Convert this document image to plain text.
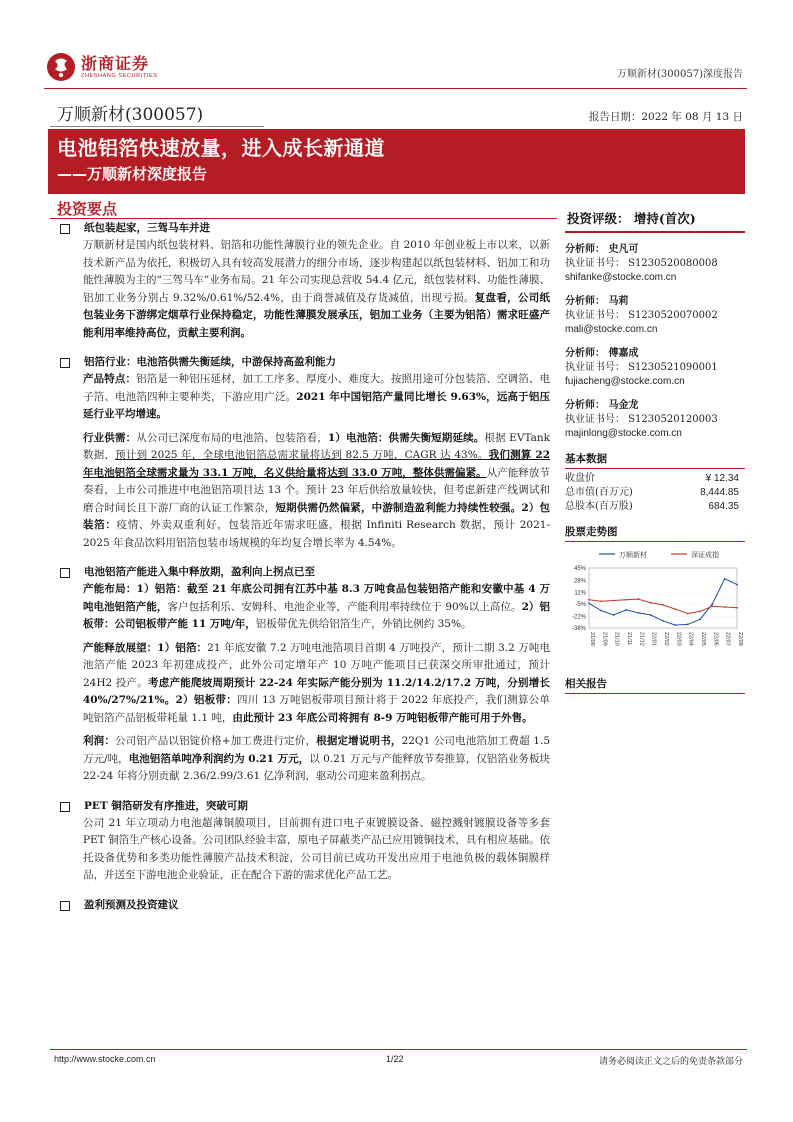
浙商证券
ZHESHANG SECURITIES	万顺新材(300057)深度报告
万顺新材(300057)	报告日期：2022 年 08 月 13 日
电池铝箔快速放量，进入成长新通道
——万顺新材深度报告
投资要点
纸包装起家，三驾马车并进
万顺新材是国内纸包装材料、铝箔和功能性薄膜行业的领先企业。自 2010 年创业板上市以来，以新技术新产品为依托，积极切入具有较高发展潜力的细分市场，逐步构建起以纸包装材料、铝加工和功能性薄膜为主的“三驾马车”业务布局。21 年公司实现总营收 54.4 亿元，纸包装材料、功能性薄膜、铝加工业务分别占 9.32%/0.61%/52.4%，由于商誉减值及存货减值，出现亏损。复盘看，公司纸包装业务下游绑定烟草行业保持稳定，功能性薄膜发展承压，铝加工业务（主要为铝箔）需求旺盛产能利用率维持高位，贡献主要利润。
铝箔行业：电池箔供需失衡延续，中游保持高盈利能力
产品特点：铝箔是一种铝压延材，加工工序多、厚度小、难度大。按照用途可分包装箔、空调箔、电子箔、电池箔四种主要种类，下游应用广泛。2021 年中国铝箔产量同比增长 9.63%，远高于铝压延行业平均增速。
行业供需：从公司已深度布局的电池箔、包装箔看，1）电池箔：供需失衡短期延续。根据 EVTank 数据，预计到 2025 年，全球电池铝箔总需求量将达到 82.5 万吨，CAGR 达 43%。我们测算 22 年电池铝箔全球需求量为 33.1 万吨，名义供给量将达到 33.0 万吨，整体供需偏紧。从产能释放节奏看，上市公司推进中电池铝箔项目达 13 个。预计 23 年后供给放量较快，但考虑新建产线调试和磨合时间长且下游厂商的认证工作繁杂，短期供需仍然偏紧，中游制造盈利能力持续性较强。2）包装箔：疫情、外卖双重利好，包装箔近年需求旺盛，根据 Infiniti Research 数据，预计 2021-2025 年食品饮料用铝箔包装市场规模的年均复合增长率为 4.54%。
电池铝箔产能进入集中释放期，盈利向上拐点已至
产能布局：1）铝箔：截至 21 年底公司拥有江苏中基 8.3 万吨食品包装铝箔产能和安徽中基 4 万吨电池铝箔产能，客户包括利乐、安姆科、电池企业等，产能利用率持续位于 90%以上高位。2）铝板带：公司铝板带产能 11 万吨/年，铝板带优先供给铝箔生产，外销比例约 35%。
产能释放展望：1）铝箔：21 年底安徽 7.2 万吨电池箔项目首期 4 万吨投产，预计二期 3.2 万吨电池箔产能 2023 年初建成投产，此外公司定增年产 10 万吨产能项目已获深交所审批通过，预计 24H2 投产。考虑产能爬坡周期预计 22-24 年实际产能分别为 11.2/14.2/17.2 万吨，分别增长 40%/27%/21%。2）铝板带：四川 13 万吨铝板带项目预计将于 2022 年底投产，我们测算公单吨铝箔产品铝板带耗量 1.1 吨，由此预计 23 年底公司将拥有 8-9 万吨铝板带产能可用于外售。
利润：公司铝产品以铝锭价格+加工费进行定价，根据定增说明书，22Q1 公司电池箔加工费超 1.5 万元/吨，电池铝箔单吨净利润约为 0.21 万元，以 0.21 万元与产能释放节奏推算，仅铝箔业务板块 22-24 年将分别贡献 2.36/2.99/3.61 亿净利润，驱动公司迎来盈利拐点。
PET 铜箔研发有序推进，突破可期
公司 21 年立项动力电池超薄铜膜项目，目前拥有进口电子束镀膜设备、磁控溅射镀膜设备等多套 PET 铜箔生产核心设备。公司团队经验丰富，原电子屏蔽类产品已应用镀铜技术，具有相应基础。依托设备优势和多类功能性薄膜产品技术积淀，公司目前已成功开发出应用于电池负极的载体铜膜样品，并送至下游电池企业验证，正在配合下游的需求优化产品工艺。
盈利预测及投资建议
投资评级： 增持(首次)
分析师： 史凡可
执业证书号： S1230520080008
shifanke@stocke.com.cn
分析师： 马莉
执业证书号： S1230520070002
mali@stocke.com.cn
分析师： 傅嘉成
执业证书号： S1230521090001
fujiacheng@stocke.com.cn
分析师： 马金龙
执业证书号： S1230520120003
majinlong@stocke.com.cn
基本数据
收盘价	¥ 12.34
总市值(百万元)	8,444.85
总股本(百万股)	684.35
股票走势图
万顺新材	深证成指
45%
28%
11%
-5%
-22%
-38%
21/08 21/09 21/10 21/11 21/12 22/01 22/02 22/03 22/04 22/05 22/06 22/07 22/08
相关报告
http://www.stocke.com.cn	1/22	请务必阅读正文之后的免责条款部分
